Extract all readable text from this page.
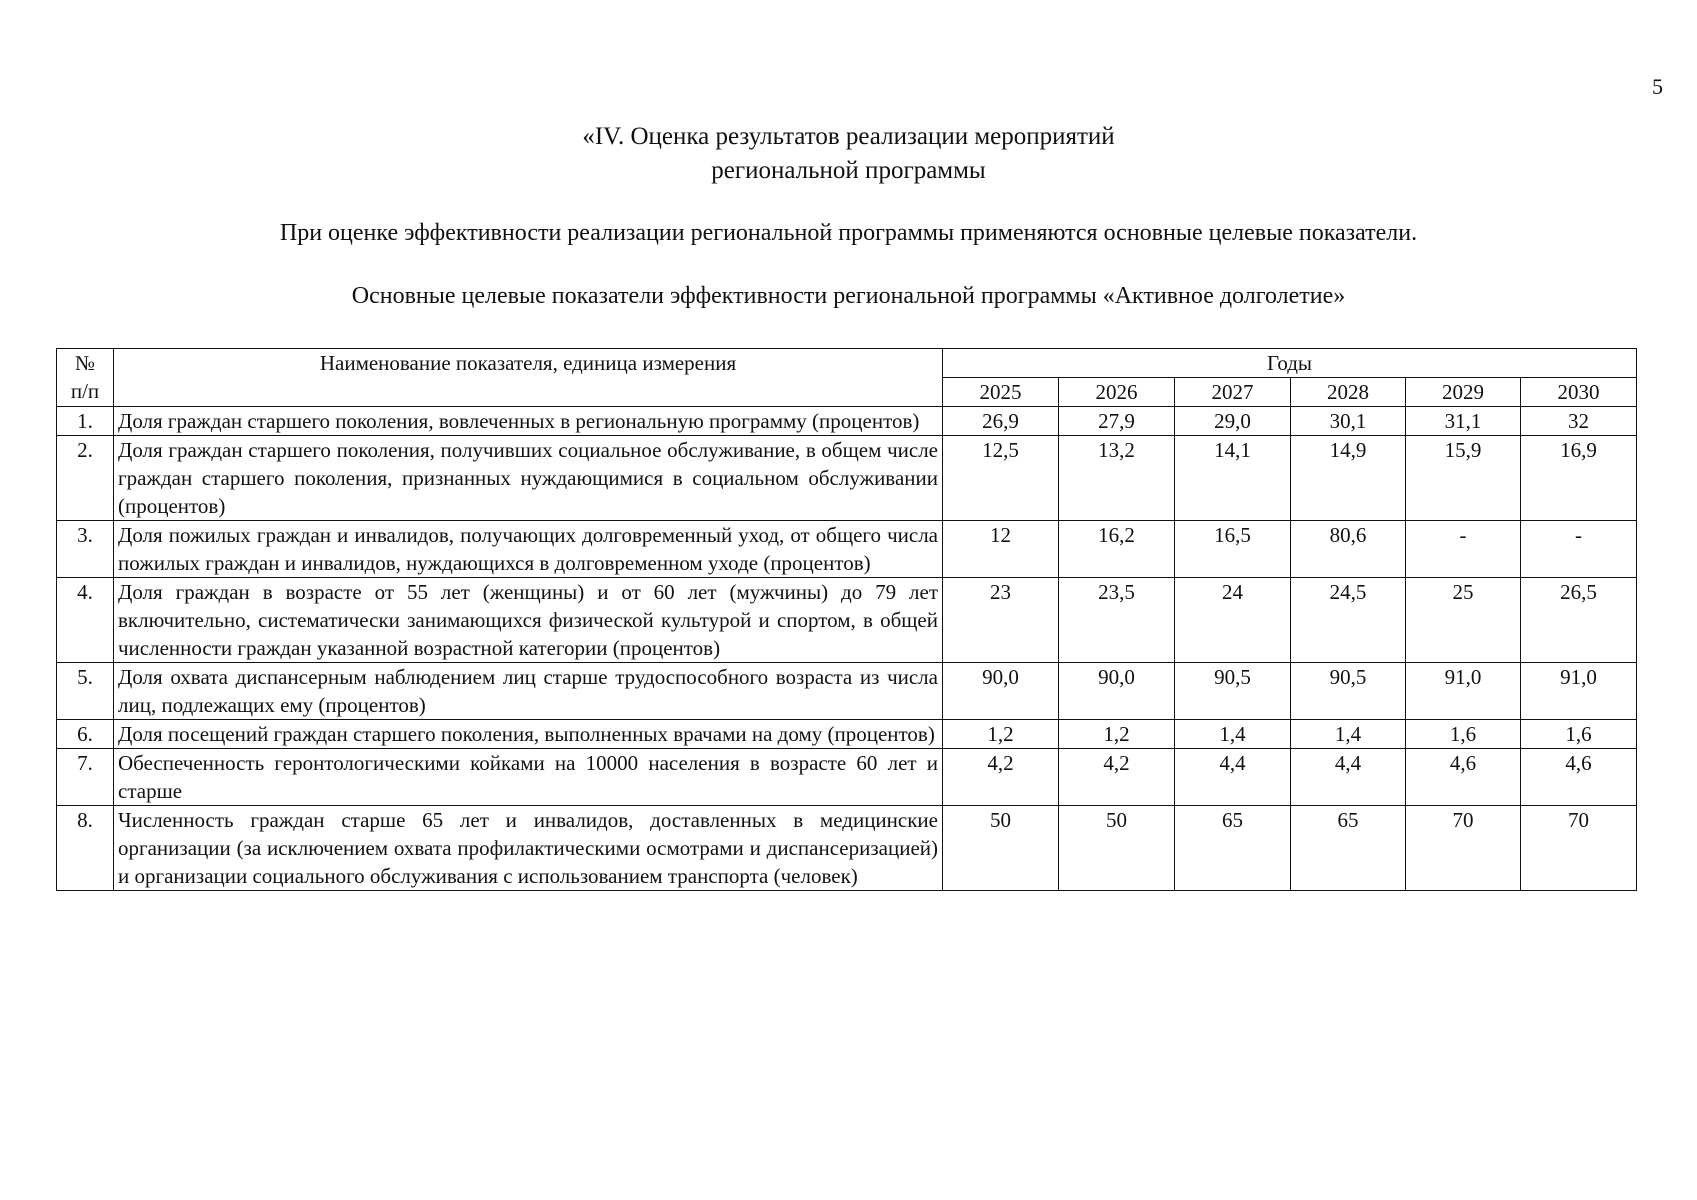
5
«IV. Оценка результатов реализации мероприятий
региональной программы
При оценке эффективности реализации региональной программы применяются основные целевые показатели.
Основные целевые показатели эффективности региональной программы «Активное долголетие»
№
п/п	Наименование показателя, единица измерения	Годы					
		2025	2026	2027	2028	2029	2030
1.	Доля граждан старшего поколения, вовлеченных в региональную программу (процентов)	26,9	27,9	29,0	30,1	31,1	32
2.	Доля граждан старшего поколения, получивших социальное обслуживание, в общем числе граждан старшего поколения, признанных нуждающимися в социальном обслуживании (процентов)	12,5	13,2	14,1	14,9	15,9	16,9
3.	Доля пожилых граждан и инвалидов, получающих долговременный уход, от общего числа пожилых граждан и инвалидов, нуждающихся в долговременном уходе (процентов)	12	16,2	16,5	80,6	-	-
4.	Доля граждан в возрасте от 55 лет (женщины) и от 60 лет (мужчины) до 79 лет включительно, систематически занимающихся физической культурой и спортом, в общей численности граждан указанной возрастной категории (процентов)	23	23,5	24	24,5	25	26,5
5.	Доля охвата диспансерным наблюдением лиц старше трудоспособного возраста из числа лиц, подлежащих ему (процентов)	90,0	90,0	90,5	90,5	91,0	91,0
6.	Доля посещений граждан старшего поколения, выполненных врачами на дому (процентов)	1,2	1,2	1,4	1,4	1,6	1,6
7.	Обеспеченность геронтологическими койками на 10000 населения в возрасте 60 лет и старше	4,2	4,2	4,4	4,4	4,6	4,6
8.	Численность граждан старше 65 лет и инвалидов, доставленных в медицинские организации (за исключением охвата профилактическими осмотрами и диспансеризацией) и организации социального обслуживания с использованием транспорта (человек)	50	50	65	65	70	70
